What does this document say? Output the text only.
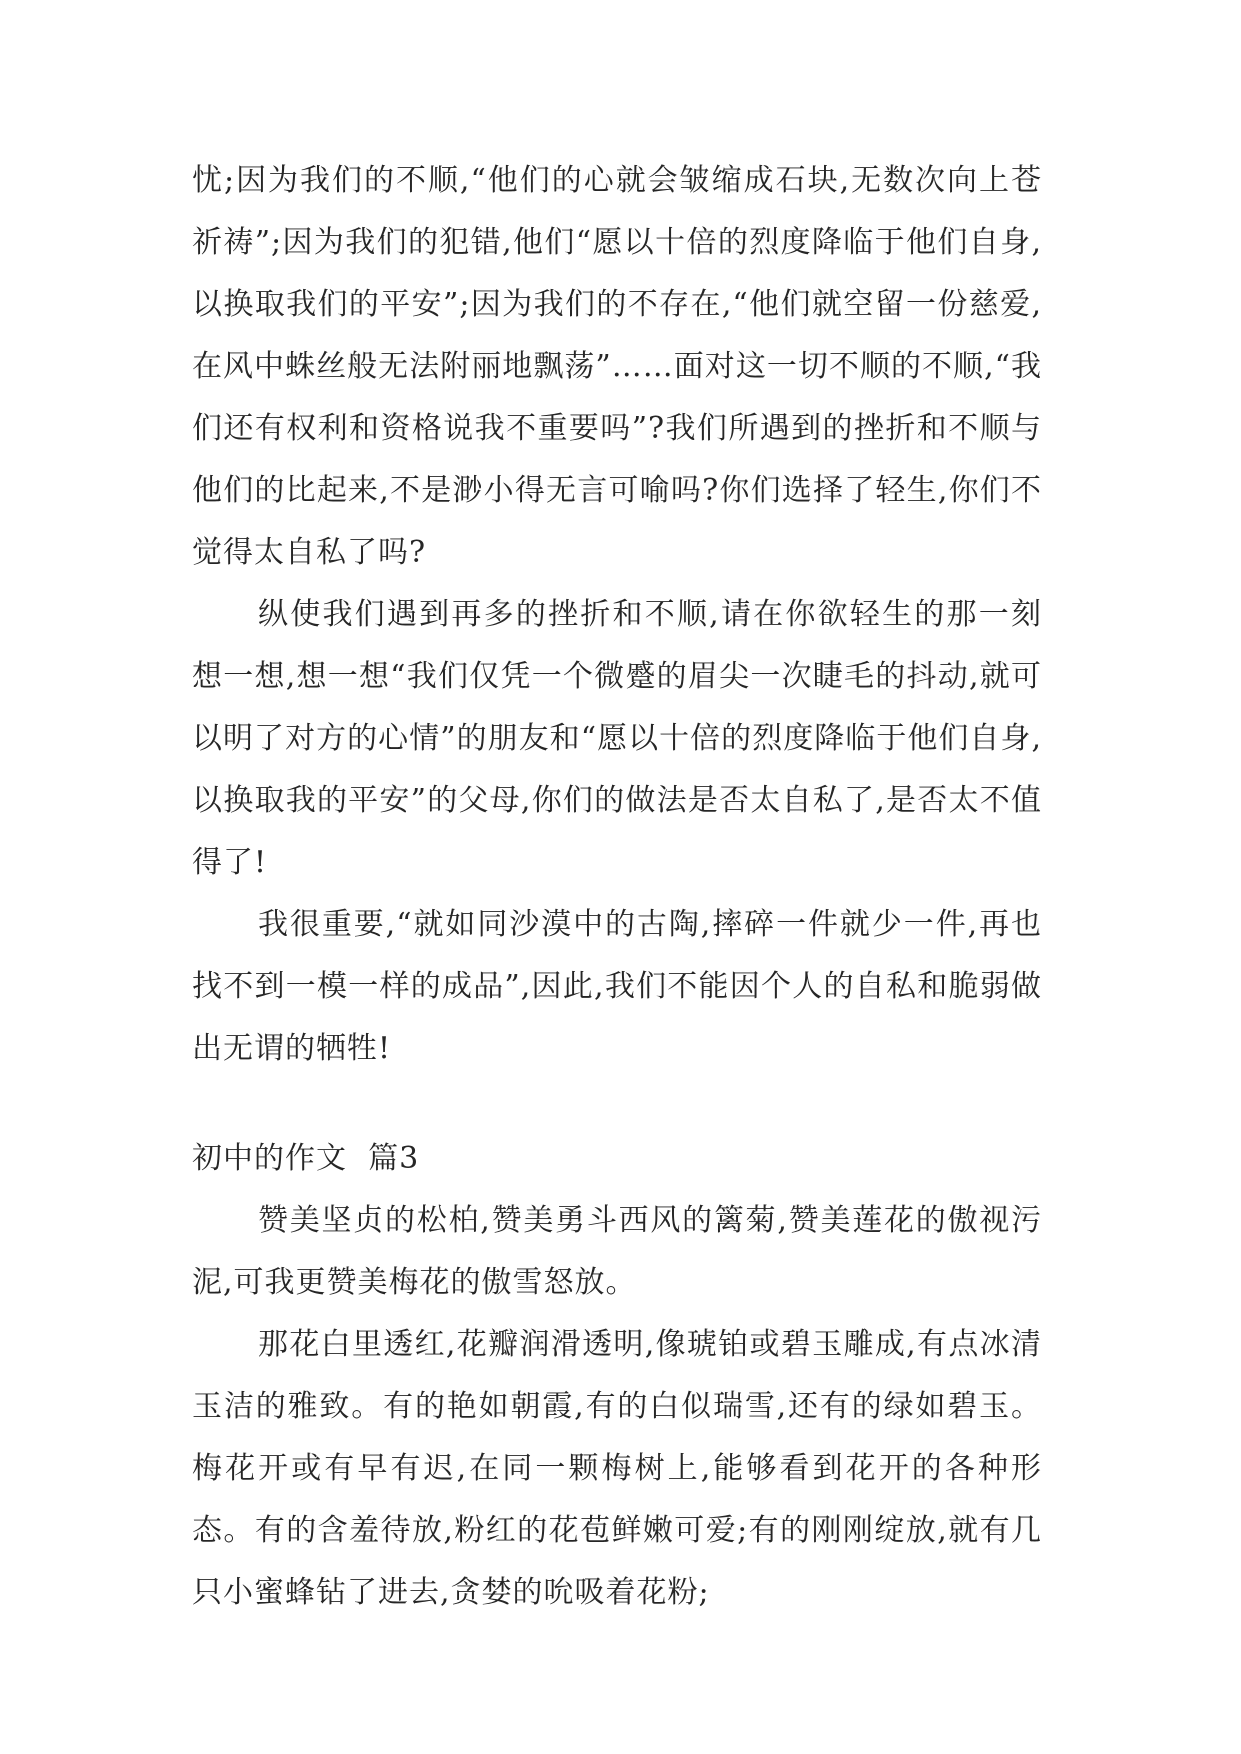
忧;因为我们的不顺,“他们的心就会皱缩成石块,无数次向上苍祈祷”;因为我们的犯错,他们“愿以十倍的烈度降临于他们自身,以换取我们的平安”;因为我们的不存在,“他们就空留一份慈爱,在风中蛛丝般无法附丽地飘荡”……面对这一切不顺的不顺,“我们还有权利和资格说我不重要吗”?我们所遇到的挫折和不顺与他们的比起来,不是渺小得无言可喻吗?你们选择了轻生,你们不觉得太自私了吗?

纵使我们遇到再多的挫折和不顺,请在你欲轻生的那一刻想一想,想一想“我们仅凭一个微蹙的眉尖一次睫毛的抖动,就可以明了对方的心情”的朋友和“愿以十倍的烈度降临于他们自身,以换取我的平安”的父母,你们的做法是否太自私了,是否太不值得了!

我很重要,“就如同沙漠中的古陶,摔碎一件就少一件,再也找不到一模一样的成品”,因此,我们不能因个人的自私和脆弱做出无谓的牺牲!

初中的作文  篇3

赞美坚贞的松柏,赞美勇斗西风的篱菊,赞美莲花的傲视污泥,可我更赞美梅花的傲雪怒放。

那花白里透红,花瓣润滑透明,像琥铂或碧玉雕成,有点冰清玉洁的雅致。有的艳如朝霞,有的白似瑞雪,还有的绿如碧玉。梅花开或有早有迟,在同一颗梅树上,能够看到花开的各种形态。有的含羞待放,粉红的花苞鲜嫩可爱;有的刚刚绽放,就有几只小蜜蜂钻了进去,贪婪的吮吸着花粉;
